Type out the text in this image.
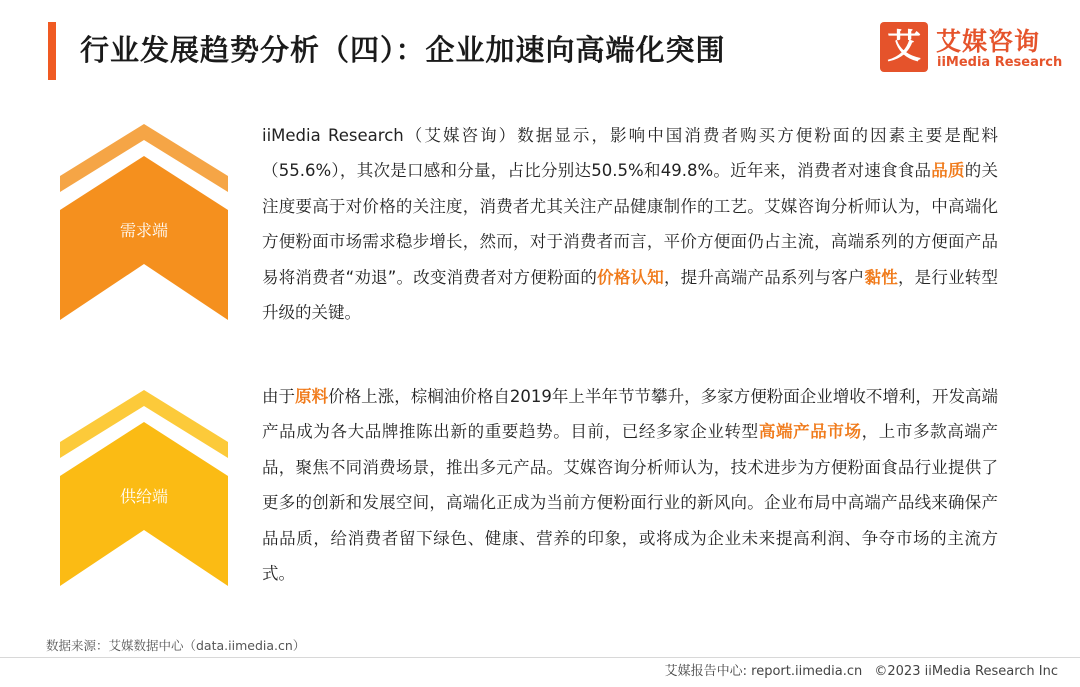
行业发展趋势分析（四）：企业加速向高端化突围	艾 艾媒咨询
iiMedia Research
需求端
供给端
iiMedia Research（艾媒咨询）数据显示，影响中国消费者购买方便粉面的因素主要是配料（55.6%），其次是口感和分量，占比分别达50.5%和49.8%。近年来，消费者对速食食品品质的关注度要高于对价格的关注度，消费者尤其关注产品健康制作的工艺。艾媒咨询分析师认为，中高端化方便粉面市场需求稳步增长，然而，对于消费者而言，平价方便面仍占主流，高端系列的方便面产品易将消费者“劝退”。改变消费者对方便粉面的价格认知，提升高端产品系列与客户黏性，是行业转型升级的关键。
由于原料价格上涨，棕榈油价格自2019年上半年节节攀升，多家方便粉面企业增收不增利，开发高端产品成为各大品牌推陈出新的重要趋势。目前，已经多家企业转型高端产品市场，上市多款高端产品，聚焦不同消费场景，推出多元产品。艾媒咨询分析师认为，技术进步为方便粉面食品行业提供了更多的创新和发展空间，高端化正成为当前方便粉面行业的新风向。企业布局中高端产品线来确保产品品质，给消费者留下绿色、健康、营养的印象，或将成为企业未来提高利润、争夺市场的主流方式。
数据来源：艾媒数据中心（data.iimedia.cn）
艾媒报告中心: report.iimedia.cn ©2023 iiMedia Research Inc
